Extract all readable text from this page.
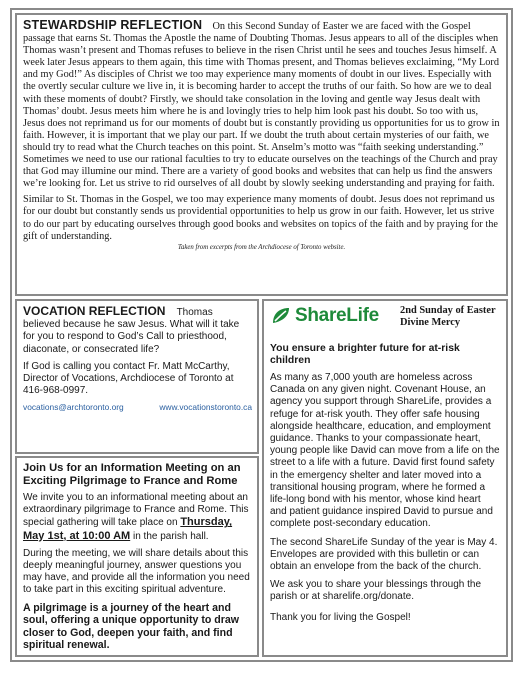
STEWARDSHIP REFLECTION On this Second Sunday of Easter we are faced with the Gospel passage that earns St. Thomas the Apostle the name of Doubting Thomas. Jesus appears to all of the disciples when Thomas wasn’t present and Thomas refuses to believe in the risen Christ until he sees and touches Jesus himself. A week later Jesus appears to them again, this time with Thomas present, and Thomas believes exclaiming, “My Lord and my God!” As disciples of Christ we too may experience many moments of doubt in our lives. Especially with the overtly secular culture we live in, it is becoming harder to accept the truths of our faith. So how are we to deal with these moments of doubt? Firstly, we should take consolation in the loving and gentle way Jesus dealt with Thomas’ doubt. Jesus meets him where he is and lovingly tries to help him look past his doubt. So too with us, Jesus does not reprimand us for our moments of doubt but is constantly providing us opportunities for us to grow in faith. However, it is important that we play our part. If we doubt the truth about certain mysteries of our faith, we should try to read what the Church teaches on this point. St. Anselm’s motto was “faith seeking understanding.” Sometimes we need to use our rational faculties to try to educate ourselves on the teachings of the Church and pray that God may illumine our mind. There are a variety of good books and websites that can help us find the answers we’re looking for. Let us strive to rid ourselves of all doubt by slowly seeking understanding and praying for faith.

Similar to St. Thomas in the Gospel, we too may experience many moments of doubt. Jesus does not reprimand us for our doubt but constantly sends us providential opportunities to help us grow in our faith. However, let us strive to do our part by educating ourselves through good books and websites on topics of the faith and by praying for the gift of understanding.

Taken from excerpts from the Archdiocese of Toronto website.

VOCATION REFLECTION Thomas believed because he saw Jesus. What will it take for you to respond to God’s Call to priesthood, diaconate, or consecrated life?

If God is calling you contact Fr. Matt McCarthy, Director of Vocations, Archdiocese of Toronto at 416-968-0997.

vocations@archtoronto.org	www.vocationstoronto.ca
Join Us for an Information Meeting on an Exciting Pilgrimage to France and Rome

We invite you to an informational meeting about an extraordinary pilgrimage to France and Rome. This special gathering will take place on Thursday, May 1st, at 10:00 AM in the parish hall.

During the meeting, we will share details about this deeply meaningful journey, answer questions you may have, and provide all the information you need to take part in this exciting spiritual adventure.

A pilgrimage is a journey of the heart and soul, offering a unique opportunity to draw closer to God, deepen your faith, and find spiritual renewal.

ShareLife 2nd Sunday of Easter
Divine Mercy
You ensure a brighter future for at-risk children

As many as 7,000 youth are homeless across Canada on any given night. Covenant House, an agency you support through ShareLife, provides a refuge for at-risk youth. They offer safe housing alongside healthcare, education, and employment guidance. Thanks to your compassionate heart, young people like David can move from a life on the street to a life with a future. David first found safety in the emergency shelter and later moved into a transitional housing program, where he formed a life-long bond with his mentor, whose kind heart and patient guidance inspired David to pursue and complete post-secondary education.

The second ShareLife Sunday of the year is May 4. Envelopes are provided with this bulletin or can obtain an envelope from the back of the church.

We ask you to share your blessings through the parish or at sharelife.org/donate.

Thank you for living the Gospel!
